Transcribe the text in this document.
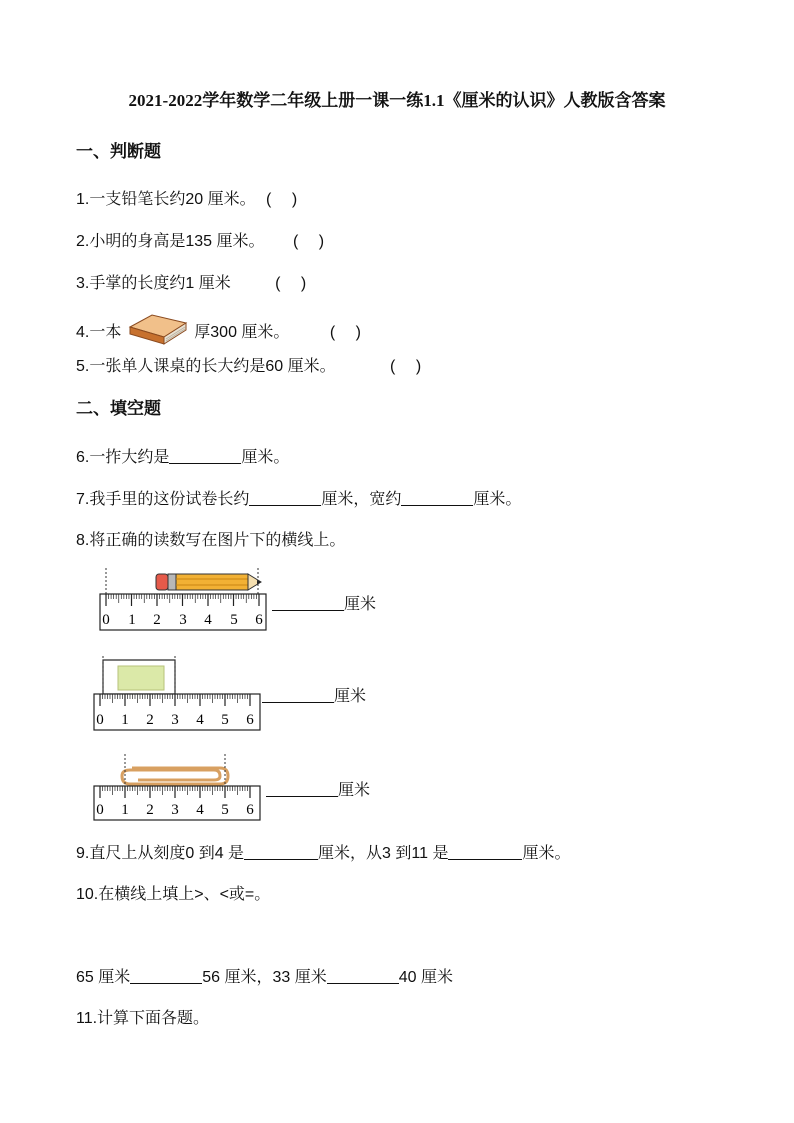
2021-2022学年数学二年级上册一课一练1.1《厘米的认识》人教版含答案
一、判断题
1.一支铅笔长约20 厘米。 (　 )
2.小明的身高是135 厘米。 (　 )
3.手掌的长度约1 厘米	(　 )
4.一本	厚300 厘米。	(　 )
5.一张单人课桌的长大约是60 厘米。	(　 )
二、填空题
6.一拃大约是	厘米。
7.我手里的这份试卷长约	厘米，宽约	厘米。
8.将正确的读数写在图片下的横线上。
0 1 2 3 4 5 6
厘米
0 1 2 3 4 5 6
厘米
0 1 2 3 4 5 6
厘米
9.直尺上从刻度0 到4 是	厘米，从3 到11 是	厘米。
10.在横线上填上>、<或=。
65 厘米	56 厘米，33 厘米	40 厘米
11.计算下面各题。
